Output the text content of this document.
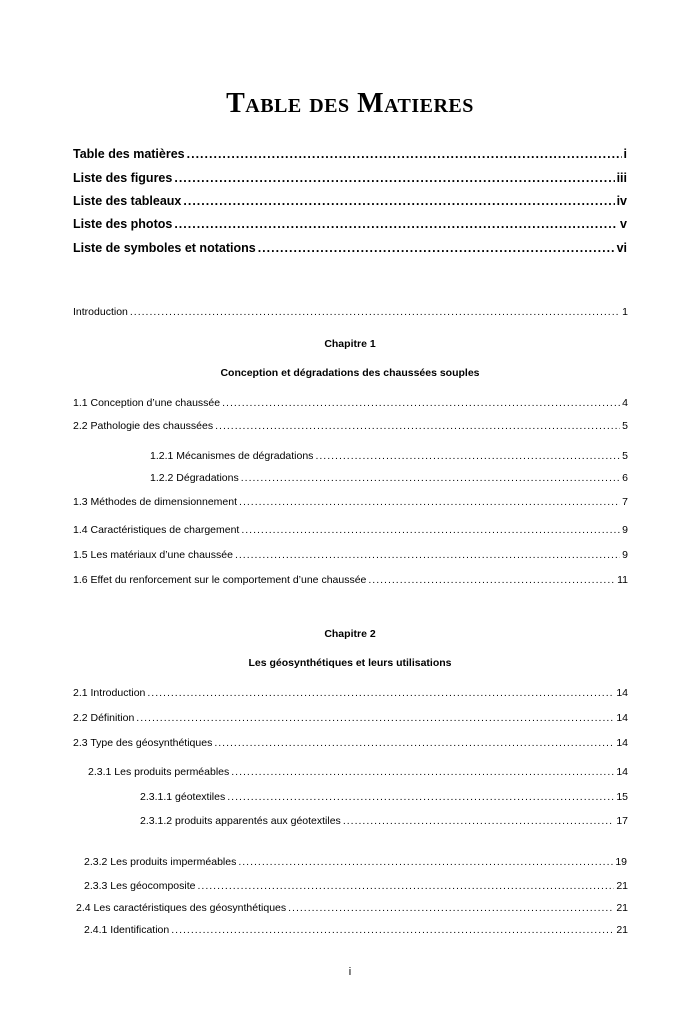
Table des Matieres
Table des matières .....	i
Liste des figures .....	iii
Liste des tableaux .....	iv
Liste des photos .....	v
Liste de symboles et notations .....	vi
Introduction .....	1
Chapitre 1
Conception et dégradations des chaussées souples
1.1 Conception d’une chaussée .....	4
2.2 Pathologie des chaussées .....	5
1.2.1 Mécanismes de dégradations .....	5
1.2.2 Dégradations .....	6
1.3 Méthodes de dimensionnement .....	7
1.4 Caractéristiques de chargement .....	9
1.5 Les matériaux d’une chaussée .....	9
1.6 Effet du renforcement sur le comportement d’une chaussée .....	11
Chapitre 2
Les géosynthétiques et leurs utilisations
2.1 Introduction .....	14
2.2 Définition .....	14
2.3 Type des géosynthétiques .....	14
2.3.1 Les produits perméables .....	14
2.3.1.1 géotextiles .....	15
2.3.1.2 produits apparentés aux géotextiles .....	17
2.3.2 Les produits imperméables .....	19
2.3.3 Les géocomposite .....	21
2.4 Les caractéristiques des géosynthétiques .....	21
2.4.1 Identification .....	21
i
